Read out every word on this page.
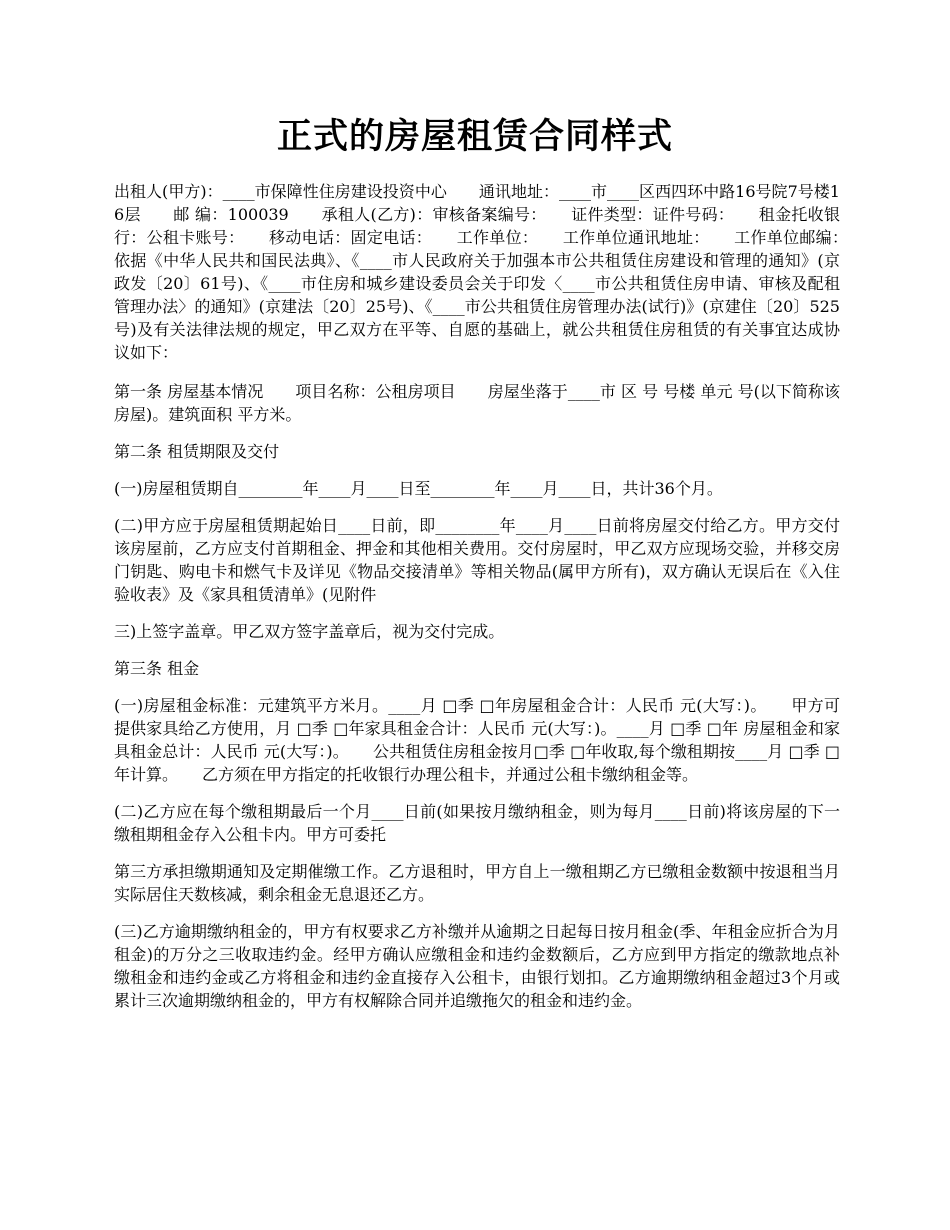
正式的房屋租赁合同样式

出租人(甲方)：____市保障性住房建设投资中心　　通讯地址：____市____区西四环中路16号院7号楼16层　　邮 编：100039　　承租人(乙方)：审核备案编号：　　证件类型：证件号码：　　租金托收银行：公租卡账号：　　移动电话：固定电话：　　工作单位：　　工作单位通讯地址：　　工作单位邮编：　　依据《中华人民共和国民法典》、《____市人民政府关于加强本市公共租赁住房建设和管理的通知》(京政发〔20〕61号)、《____市住房和城乡建设委员会关于印发〈____市公共租赁住房申请、审核及配租管理办法〉的通知》(京建法〔20〕25号)、《____市公共租赁住房管理办法(试行)》(京建住〔20〕525号)及有关法律法规的规定，甲乙双方在平等、自愿的基础上，就公共租赁住房租赁的有关事宜达成协议如下：

第一条 房屋基本情况　　项目名称：公租房项目　　房屋坐落于____市 区 号 号楼 单元 号(以下简称该房屋)。建筑面积 平方米。

第二条 租赁期限及交付

(一)房屋租赁期自________年____月____日至________年____月____日，共计36个月。

(二)甲方应于房屋租赁期起始日____日前，即________年____月____日前将房屋交付给乙方。甲方交付该房屋前，乙方应支付首期租金、押金和其他相关费用。交付房屋时，甲乙双方应现场交验，并移交房门钥匙、购电卡和燃气卡及详见《物品交接清单》等相关物品(属甲方所有)，双方确认无误后在《入住验收表》及《家具租赁清单》(见附件

三)上签字盖章。甲乙双方签字盖章后，视为交付完成。

第三条 租金

(一)房屋租金标准：元建筑平方米月。____月 □季 □年房屋租金合计：人民币 元(大写：)。　　甲方可提供家具给乙方使用，月 □季 □年家具租金合计：人民币 元(大写：)。____月 □季 □年 房屋租金和家具租金总计：人民币 元(大写：)。　　公共租赁住房租金按月□季 □年收取,每个缴租期按____月 □季 □年计算。　　乙方须在甲方指定的托收银行办理公租卡，并通过公租卡缴纳租金等。

(二)乙方应在每个缴租期最后一个月____日前(如果按月缴纳租金，则为每月____日前)将该房屋的下一缴租期租金存入公租卡内。甲方可委托

第三方承担缴期通知及定期催缴工作。乙方退租时，甲方自上一缴租期乙方已缴租金数额中按退租当月实际居住天数核减，剩余租金无息退还乙方。

(三)乙方逾期缴纳租金的，甲方有权要求乙方补缴并从逾期之日起每日按月租金(季、年租金应折合为月租金)的万分之三收取违约金。经甲方确认应缴租金和违约金数额后，乙方应到甲方指定的缴款地点补缴租金和违约金或乙方将租金和违约金直接存入公租卡，由银行划扣。乙方逾期缴纳租金超过3个月或累计三次逾期缴纳租金的，甲方有权解除合同并追缴拖欠的租金和违约金。
